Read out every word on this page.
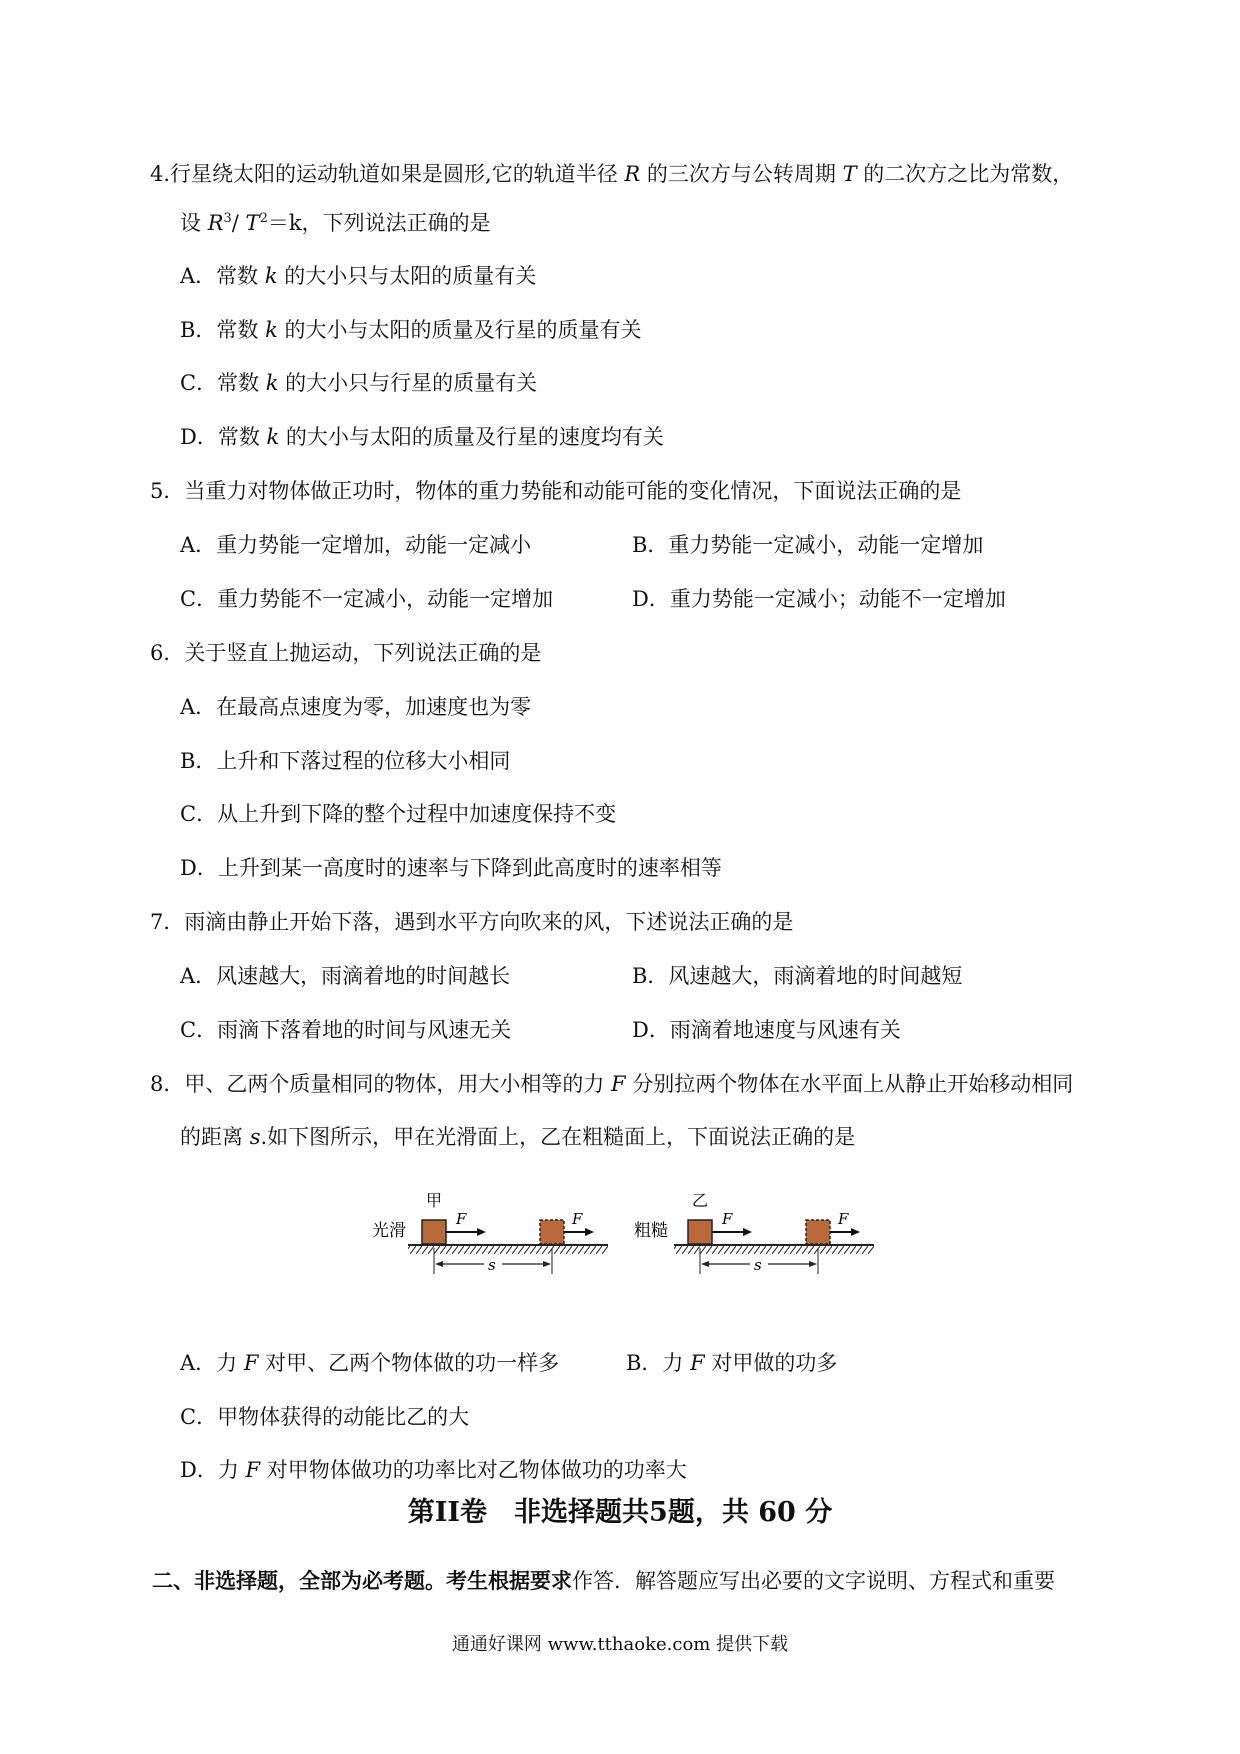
4.行星绕太阳的运动轨道如果是圆形,它的轨道半径 R 的三次方与公转周期 T 的二次方之比为常数，
设 $R^3/$ $T^2=k$，下列说法正确的是
A．常数 k 的大小只与太阳的质量有关
B．常数 k 的大小与太阳的质量及行星的质量有关
C．常数 k 的大小只与行星的质量有关
D．常数 k 的大小与太阳的质量及行星的速度均有关
5．当重力对物体做正功时，物体的重力势能和动能可能的变化情况，下面说法正确的是
A．重力势能一定增加，动能一定减小	B．重力势能一定减小，动能一定增加
C．重力势能不一定减小，动能一定增加	D．重力势能一定减小；动能不一定增加
6．关于竖直上抛运动，下列说法正确的是
A．在最高点速度为零，加速度也为零
B．上升和下落过程的位移大小相同
C．从上升到下降的整个过程中加速度保持不变
D．上升到某一高度时的速率与下降到此高度时的速率相等
7．雨滴由静止开始下落，遇到水平方向吹来的风，下述说法正确的是
A．风速越大，雨滴着地的时间越长	B．风速越大，雨滴着地的时间越短
C．雨滴下落着地的时间与风速无关	D．雨滴着地速度与风速有关
8．甲、乙两个质量相同的物体，用大小相等的力 F 分别拉两个物体在水平面上从静止开始移动相同
的距离 s.如下图所示，甲在光滑面上，乙在粗糙面上，下面说法正确的是
光滑
甲
F	F
s
粗糙
乙
F	F
s
A．力 F 对甲、乙两个物体做的功一样多	B．力 F 对甲做的功多
C．甲物体获得的动能比乙的大
D．力 F 对甲物体做功的功率比对乙物体做功的功率大
第II卷　非选择题共5题，共 60 分
二、非选择题，全部为必考题。考生根据要求作答．解答题应写出必要的文字说明、方程式和重要
通通好课网 www.tthaoke.com 提供下载
